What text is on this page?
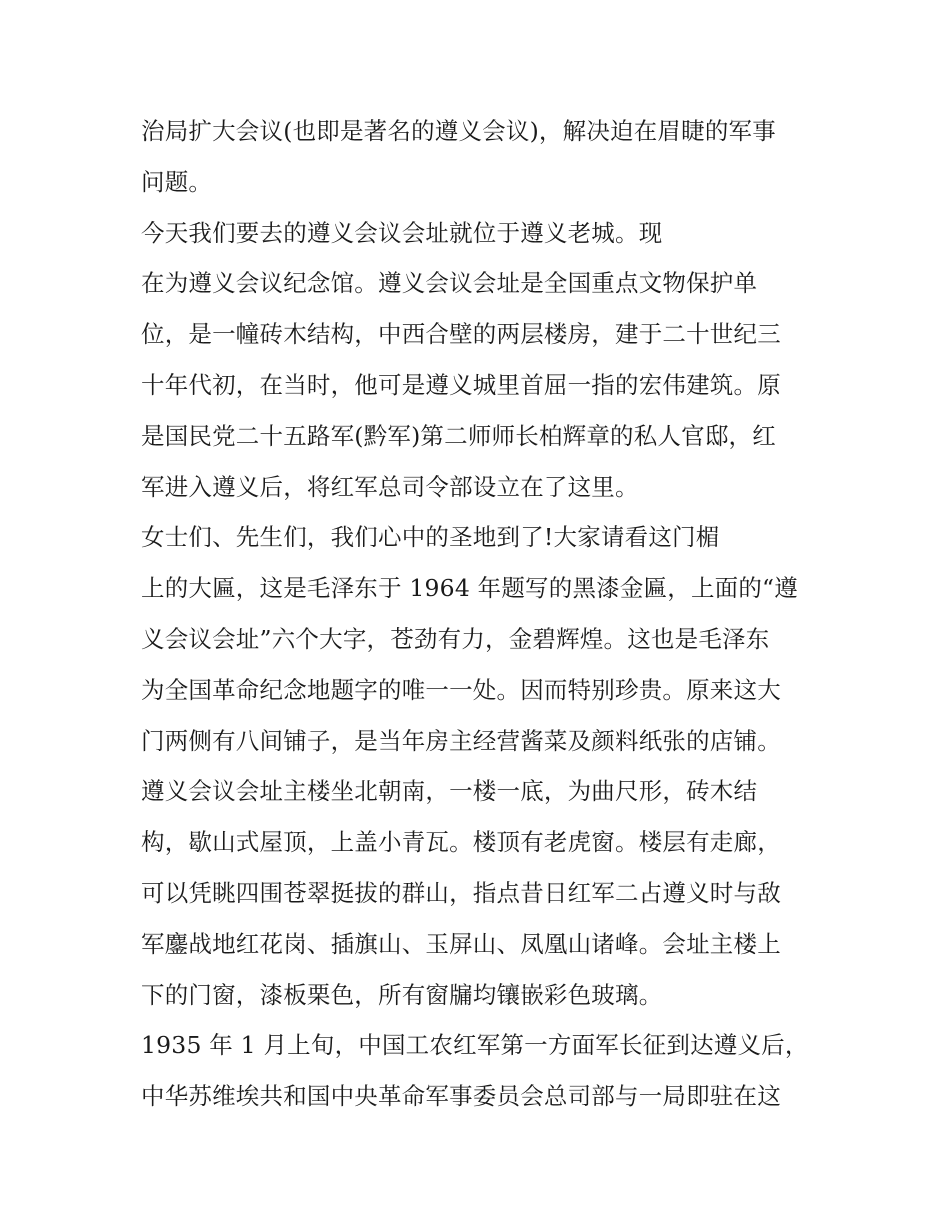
治局扩大会议(也即是著名的遵义会议)，解决迫在眉睫的军事
问题。
今天我们要去的遵义会议会址就位于遵义老城。现
在为遵义会议纪念馆。遵义会议会址是全国重点文物保护单
位，是一幢砖木结构，中西合壁的两层楼房，建于二十世纪三
十年代初，在当时，他可是遵义城里首屈一指的宏伟建筑。原
是国民党二十五路军(黔军)第二师师长柏辉章的私人官邸，红
军进入遵义后，将红军总司令部设立在了这里。
女士们、先生们，我们心中的圣地到了!大家请看这门楣
上的大匾，这是毛泽东于 1964 年题写的黑漆金匾，上面的“遵
义会议会址”六个大字，苍劲有力，金碧辉煌。这也是毛泽东
为全国革命纪念地题字的唯一一处。因而特别珍贵。原来这大
门两侧有八间铺子，是当年房主经营酱菜及颜料纸张的店铺。
遵义会议会址主楼坐北朝南，一楼一底，为曲尺形，砖木结
构，歇山式屋顶，上盖小青瓦。楼顶有老虎窗。楼层有走廊，
可以凭眺四围苍翠挺拔的群山，指点昔日红军二占遵义时与敌
军鏖战地红花岗、插旗山、玉屏山、凤凰山诸峰。会址主楼上
下的门窗，漆板栗色，所有窗牖均镶嵌彩色玻璃。
1935 年 1 月上旬，中国工农红军第一方面军长征到达遵义后，
中华苏维埃共和国中央革命军事委员会总司部与一局即驻在这
